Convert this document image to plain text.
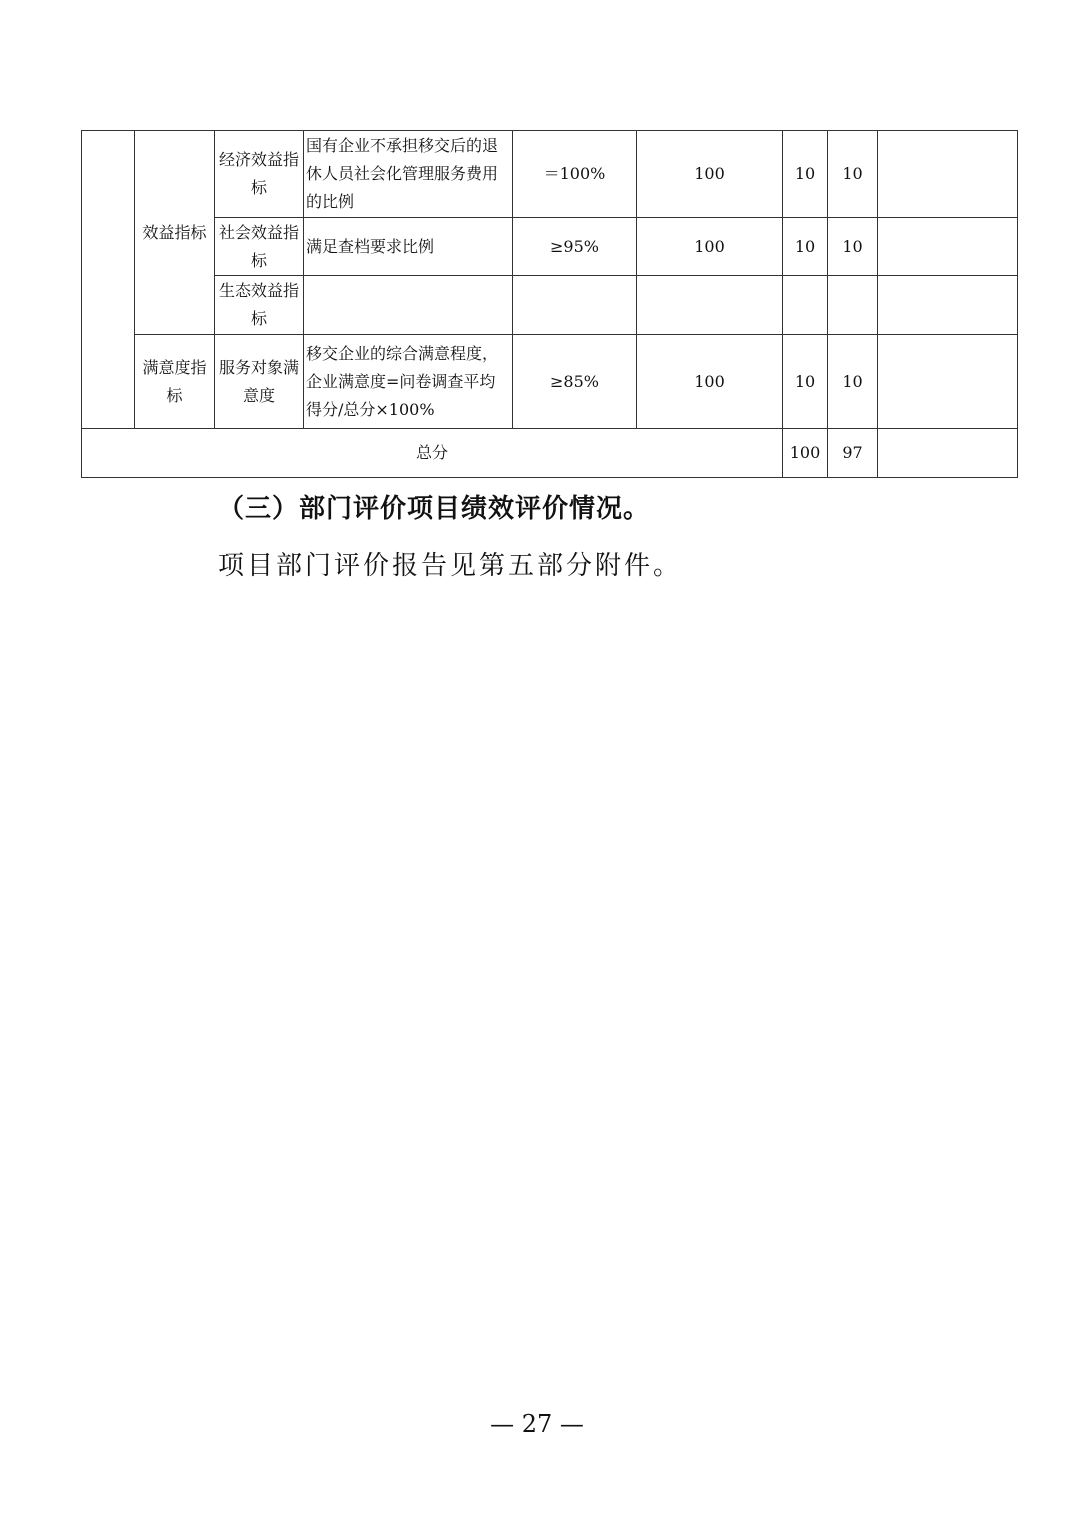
	效益指标	经济效益指标	国有企业不承担移交后的退休人员社会化管理服务费用的比例	＝100%	100	10	10	

		社会效益指标	满足查档要求比例	≥95%	100	10	10	

		生态效益指标						

	满意度指标	服务对象满意度	移交企业的综合满意程度，企业满意度=问卷调查平均得分/总分×100%	≥85%	100	10	10	
总分						100	97	
（三）部门评价项目绩效评价情况。
项目部门评价报告见第五部分附件。
— 27 —
